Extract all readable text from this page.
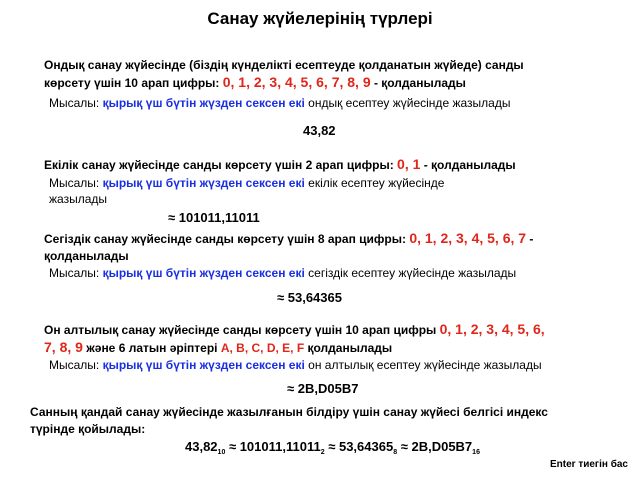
Санау жүйелерінің түрлері
Ондық санау жүйесінде (біздің күнделікті есептеуде қолданатын жүйеде) санды
көрсету үшін 10 арап цифры: 0, 1, 2, 3, 4, 5, 6, 7, 8, 9 - қолданылады
Мысалы: қырық үш бүтін жүзден сексен екі ондық есептеу жүйесінде жазылады
43,82
Екілік санау жүйесінде санды көрсету үшін 2 арап цифры: 0, 1 - қолданылады
Мысалы: қырық үш бүтін жүзден сексен екі екілік есептеу жүйесінде
жазылады
≈ 101011,11011
Сегіздік санау жүйесінде санды көрсету үшін 8 арап цифры: 0, 1, 2, 3, 4, 5, 6, 7 -
қолданылады
Мысалы: қырық үш бүтін жүзден сексен екі сегіздік есептеу жүйесінде жазылады
≈ 53,64365
Он алтылық санау жүйесінде санды көрсету үшін 10 арап цифры 0, 1, 2, 3, 4, 5, 6,
7, 8, 9 және 6 латын әріптері A, B, C, D, E, F қолданылады
Мысалы: қырық үш бүтін жүзден сексен екі он алтылық есептеу жүйесінде жазылады
≈ 2B,D05B7
Санның қандай санау жүйесінде жазылғанын білдіру үшін санау жүйесі белгісі индекс
түрінде қойылады:
$43,82_{10} \approx 101011,11011_2 \approx 53,64365_8 \approx 2B,D05B7_{16}$
Enter тиегін бас
